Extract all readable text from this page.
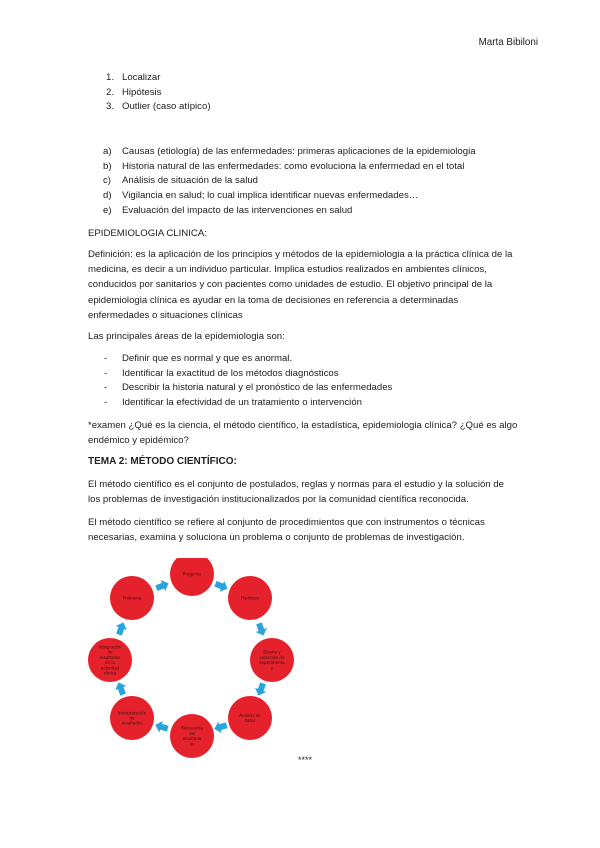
Marta Bibiloni
1. Localizar
2. Hipótesis
3. Outlier (caso atípico)
a) Causas (etiología) de las enfermedades: primeras aplicaciones de la epidemiologia
b) Historia natural de las enfermedades: como evoluciona la enfermedad en el total
c) Análisis de situación de la salud
d) Vigilancia en salud; lo cual implica identificar nuevas enfermedades…
e) Evaluación del impacto de las intervenciones en salud
EPIDEMIOLOGIA CLINICA:
Definición: es la aplicación de los principios y métodos de la epidemiologia a la práctica clínica de la medicina, es decir a un individuo particular. Implica estudios realizados en ambientes clínicos, conducidos por sanitarios y con pacientes como unidades de estudio. El objetivo principal de la epidemiologia clínica es ayudar en la toma de decisiones en referencia a determinadas enfermedades o situaciones clínicas
Las principales áreas de la epidemiologia son:
- Definir que es normal y que es anormal.
- Identificar la exactitud de los métodos diagnósticos
- Describir la historia natural y el pronóstico de las enfermedades
- Identificar la efectividad de un tratamiento o intervención
*examen ¿Qué es la ciencia, el método científico, la estadística, epidemiologia clínica? ¿Qué es algo endémico y epidémico?
TEMA 2: MÉTODO CIENTÍFICO:
El método científico es el conjunto de postulados, reglas y normas para el estudio y la solución de los problemas de investigación institucionalizados por la comunidad científica reconocida.
El método científico se refiere al conjunto de procedimientos que con instrumentos o técnicas necesarias, examina y soluciona un problema o conjunto de problemas de investigación.
Pregunta
Hipótesis
Diseño y
selección de
experimento
s
Análisis de
datos
Relevancia
del
resultado
es
Interpretación
de
resultados
Integración
de
resultados
en la
actividad
clínica
Problema
****
